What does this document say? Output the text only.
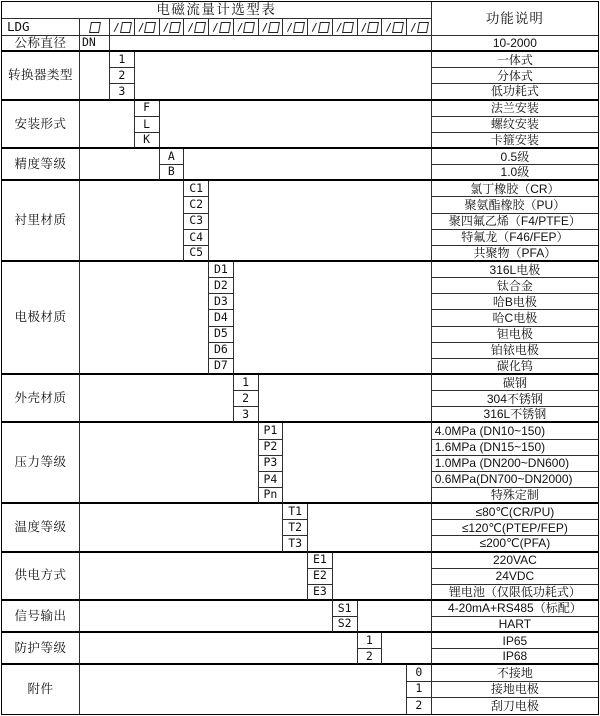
电磁流量计选型表
功能说明
LDG	/ / / / / / / / / / / / /
公称直径	DN	10-2000
转换器类型
1	一体式
2	分体式
3	低功耗式
安装形式
F	法兰安装
L	螺纹安装
K	卡箍安装
精度等级
A	0.5级
B	1.0级
衬里材质
C1	氯丁橡胶（CR）
C2	聚氨酯橡胶（PU）
C3	聚四氟乙烯（F4/PTFE）
C4	特氟龙（F46/FEP）
C5	共聚物（PFA）
电极材质
D1	316L电极
D2	钛合金
D3	哈B电极
D4	哈C电极
D5	钽电极
D6	铂铱电极
D7	碳化钨
外壳材质
1	碳钢
2	304不锈钢
3	316L不锈钢
压力等级
P1	4.0MPa (DN10~150)
P2	1.6MPa (DN15~150)
P3	1.0MPa (DN200~DN600)
P4	0.6MPa(DN700~DN2000)
Pn	特殊定制
温度等级
T1	≤80℃(CR/PU)
T2	≤120℃(PTEP/FEP)
T3	≤200℃(PFA)
供电方式
E1	220VAC
E2	24VDC
E3	锂电池（仅限低功耗式）
信号输出
S1	4-20mA+RS485（标配）
S2	HART
防护等级
1	IP65
2	IP68
附件
0	不接地
1	接地电极
2	刮刀电极
